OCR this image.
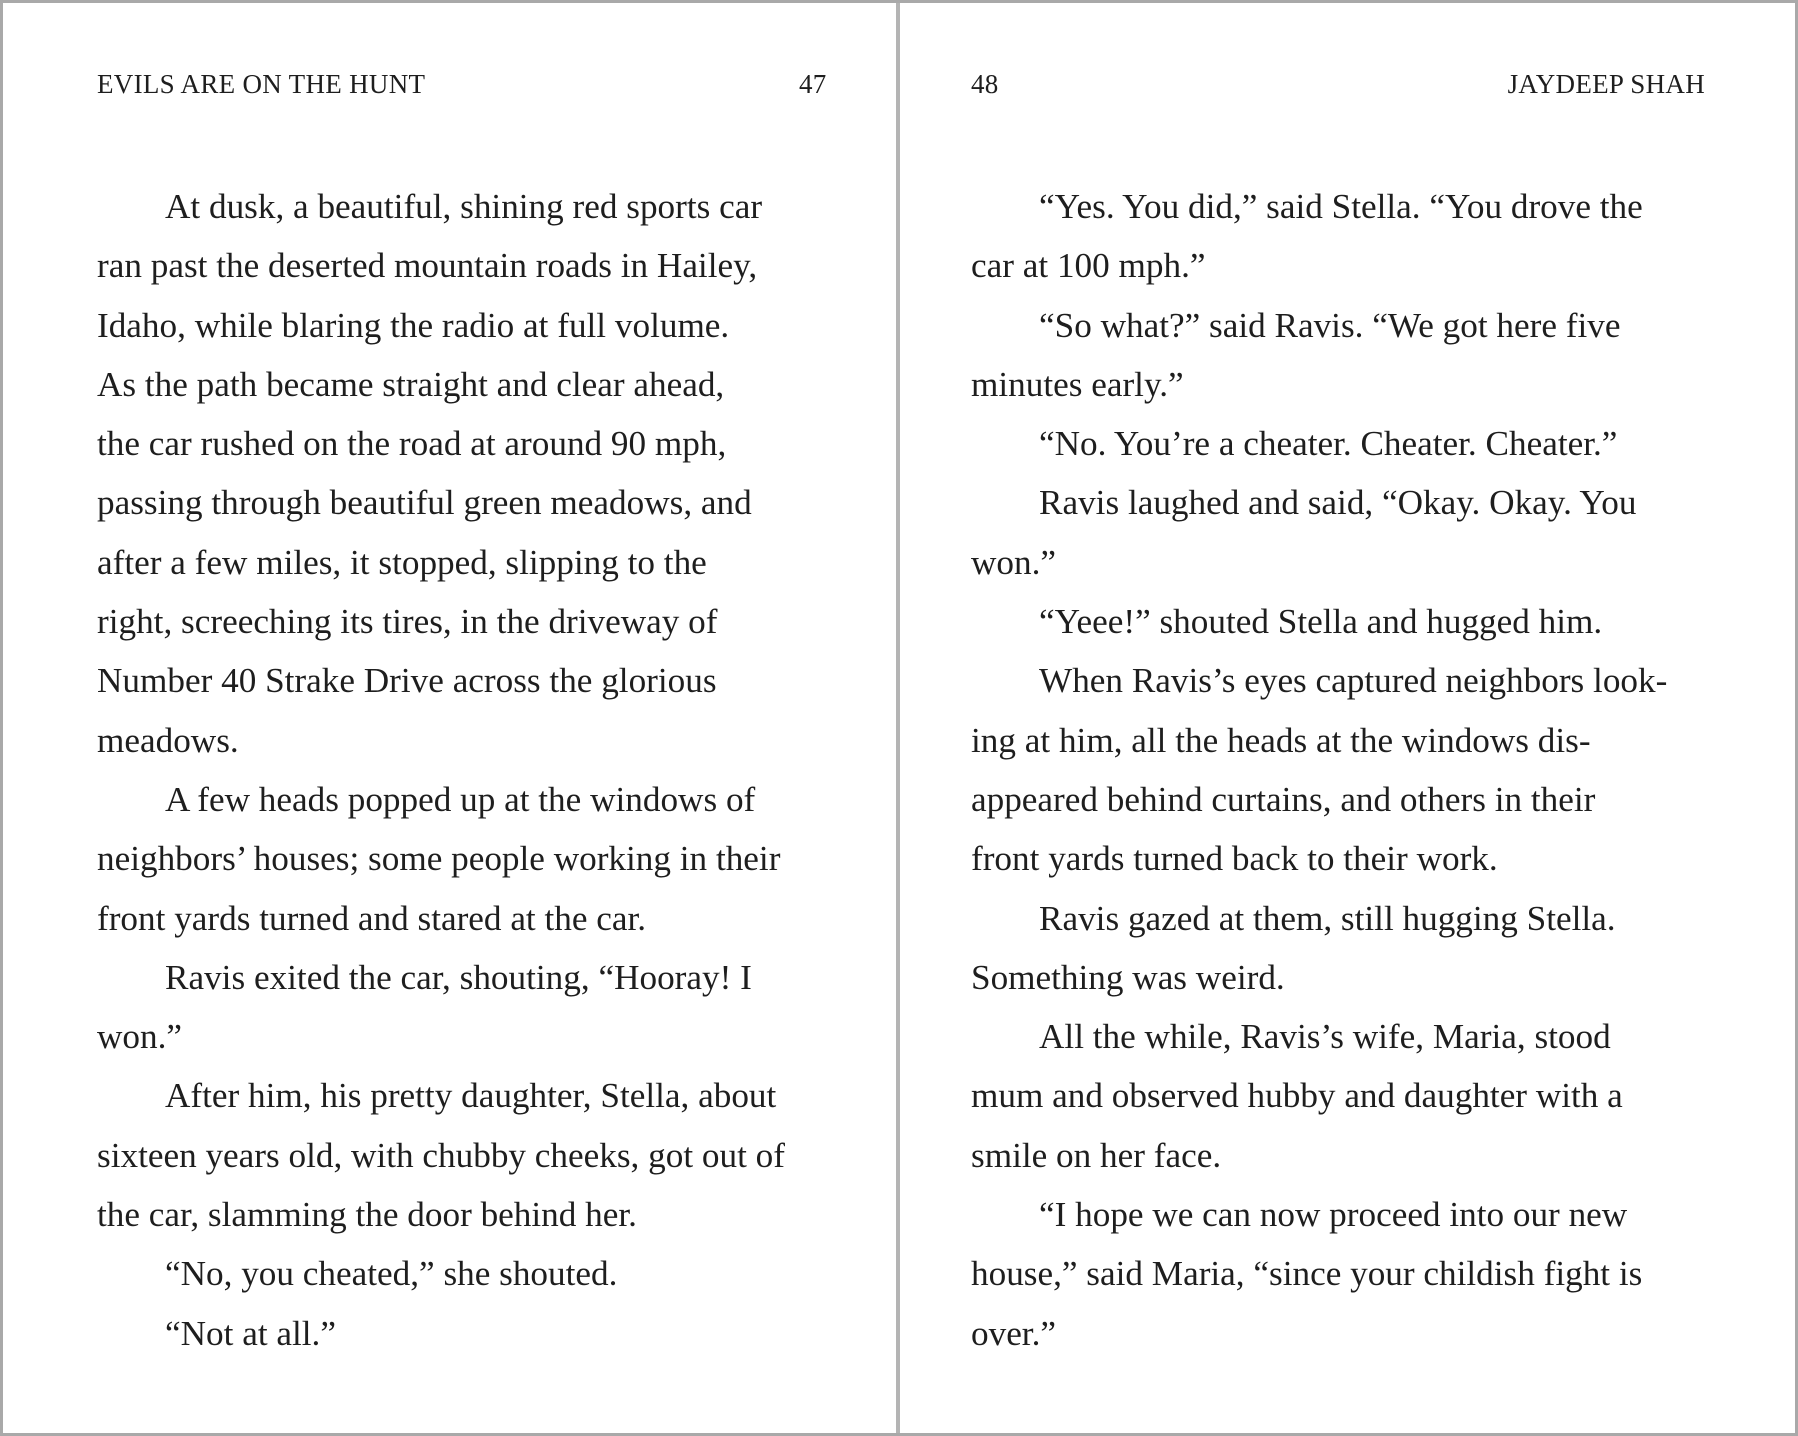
EVILS ARE ON THE HUNT	47
At dusk, a beautiful, shining red sports car
ran past the deserted mountain roads in Hailey,
Idaho, while blaring the radio at full volume.
As the path became straight and clear ahead,
the car rushed on the road at around 90 mph,
passing through beautiful green meadows, and
after a few miles, it stopped, slipping to the
right, screeching its tires, in the driveway of
Number 40 Strake Drive across the glorious
meadows.
A few heads popped up at the windows of
neighbors’ houses; some people working in their
front yards turned and stared at the car.
Ravis exited the car, shouting, “Hooray! I
won.”
After him, his pretty daughter, Stella, about
sixteen years old, with chubby cheeks, got out of
the car, slamming the door behind her.
“No, you cheated,” she shouted.
“Not at all.”
48	JAYDEEP SHAH
“Yes. You did,” said Stella. “You drove the
car at 100 mph.”
“So what?” said Ravis. “We got here five
minutes early.”
“No. You’re a cheater. Cheater. Cheater.”
Ravis laughed and said, “Okay. Okay. You
won.”
“Yeee!” shouted Stella and hugged him.
When Ravis’s eyes captured neighbors look-
ing at him, all the heads at the windows dis-
appeared behind curtains, and others in their
front yards turned back to their work.
Ravis gazed at them, still hugging Stella.
Something was weird.
All the while, Ravis’s wife, Maria, stood
mum and observed hubby and daughter with a
smile on her face.
“I hope we can now proceed into our new
house,” said Maria, “since your childish fight is
over.”
